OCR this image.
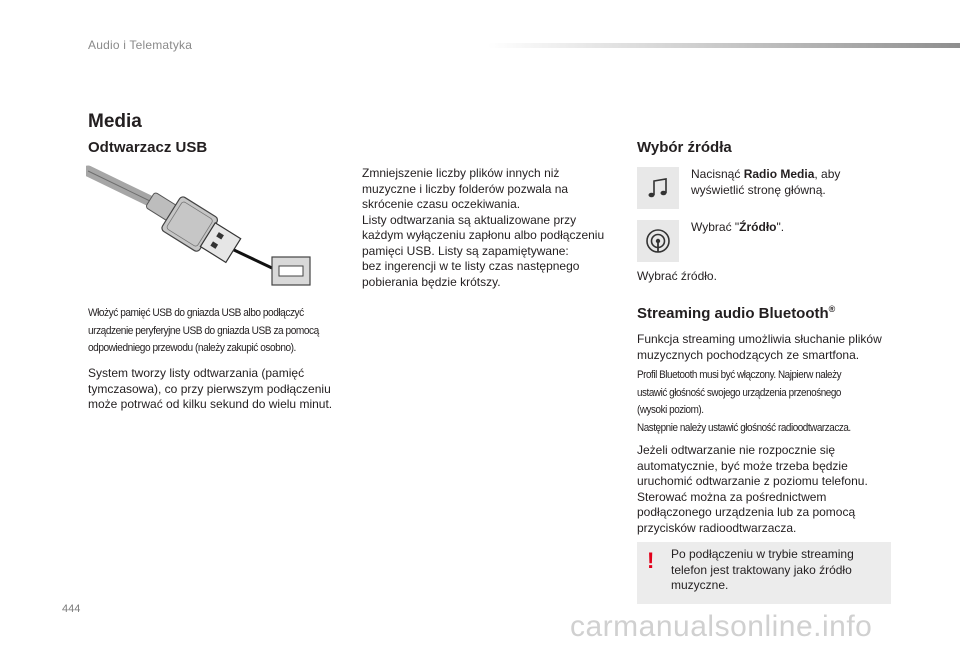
Audio i Telematyka
Media
Odtwarzacz USB
Włożyć pamięć USB do gniazda USB albo podłączyć
urządzenie peryferyjne USB do gniazda USB za pomocą
odpowiedniego przewodu (należy zakupić osobno).
System tworzy listy odtwarzania (pamięć
tymczasowa), co przy pierwszym podłączeniu
może potrwać od kilku sekund do wielu minut.
Zmniejszenie liczby plików innych niż
muzyczne i liczby folderów pozwala na
skrócenie czasu oczekiwania.
Listy odtwarzania są aktualizowane przy
każdym wyłączeniu zapłonu albo podłączeniu
pamięci USB. Listy są zapamiętywane:
bez ingerencji w te listy czas następnego
pobierania będzie krótszy.
Wybór źródła
Nacisnąć Radio Media, aby
wyświetlić stronę główną.
Wybrać "Źródło".
Wybrać źródło.
Streaming audio Bluetooth®
Funkcja streaming umożliwia słuchanie plików
muzycznych pochodzących ze smartfona.
Profil Bluetooth musi być włączony. Najpierw należy
ustawić głośność swojego urządzenia przenośnego
(wysoki poziom).
Następnie należy ustawić głośność radioodtwarzacza.
Jeżeli odtwarzanie nie rozpocznie się
automatycznie, być może trzeba będzie
uruchomić odtwarzanie z poziomu telefonu.
Sterować można za pośrednictwem
podłączonego urządzenia lub za pomocą
przycisków radioodtwarzacza.
! Po podłączeniu w trybie streaming
telefon jest traktowany jako źródło
muzyczne.
444
carmanualsonline.info
